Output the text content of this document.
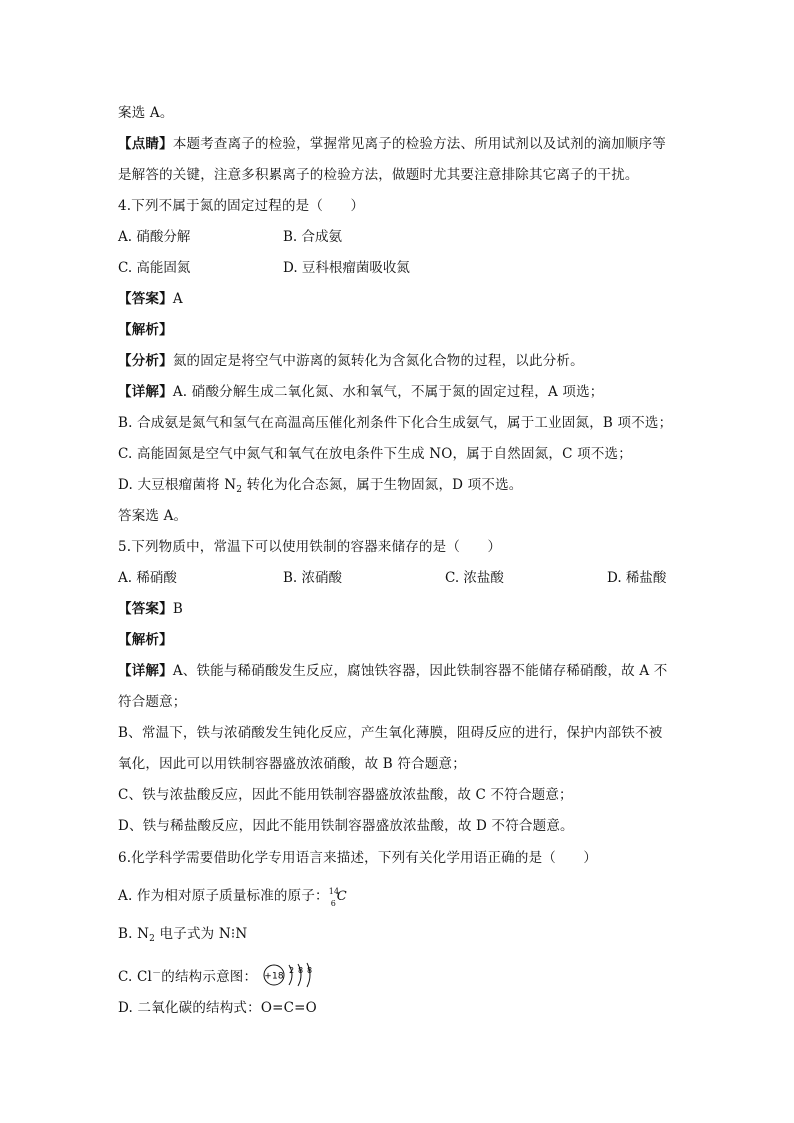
案选 A。
【点睛】本题考查离子的检验，掌握常见离子的检验方法、所用试剂以及试剂的滴加顺序等
是解答的关键，注意多积累离子的检验方法，做题时尤其要注意排除其它离子的干扰。
4.下列不属于氮的固定过程的是（　　）
A. 硝酸分解	B. 合成氨
C. 高能固氮	D. 豆科根瘤菌吸收氮
【答案】A
【解析】
【分析】氮的固定是将空气中游离的氮转化为含氮化合物的过程，以此分析。
【详解】A. 硝酸分解生成二氧化氮、水和氧气，不属于氮的固定过程，A 项选；
B. 合成氨是氮气和氢气在高温高压催化剂条件下化合生成氨气，属于工业固氮，B 项不选；
C. 高能固氮是空气中氮气和氧气在放电条件下生成 NO，属于自然固氮，C 项不选；
D. 大豆根瘤菌将 $N_2$ 转化为化合态氮，属于生物固氮，D 项不选。
答案选 A。
5.下列物质中，常温下可以使用铁制的容器来储存的是（　　）
A. 稀硝酸	B. 浓硝酸	C. 浓盐酸	D. 稀盐酸
【答案】B
【解析】
【详解】A、铁能与稀硝酸发生反应，腐蚀铁容器，因此铁制容器不能储存稀硝酸，故 A 不
符合题意；
B、常温下，铁与浓硝酸发生钝化反应，产生氧化薄膜，阻碍反应的进行，保护内部铁不被
氧化，因此可以用铁制容器盛放浓硝酸，故 B 符合题意；
C、铁与浓盐酸反应，因此不能用铁制容器盛放浓盐酸，故 C 不符合题意；
D、铁与稀盐酸反应，因此不能用铁制容器盛放浓盐酸，故 D 不符合题意。
6.化学科学需要借助化学专用语言来描述，下列有关化学用语正确的是（　　）
A. 作为相对原子质量标准的原子： 14
6 C
B. $N_2$ 电子式为 N⁝N
C. Cl－的结构示意图： +18
2 8 8
D. 二氧化碳的结构式：O=C=O
